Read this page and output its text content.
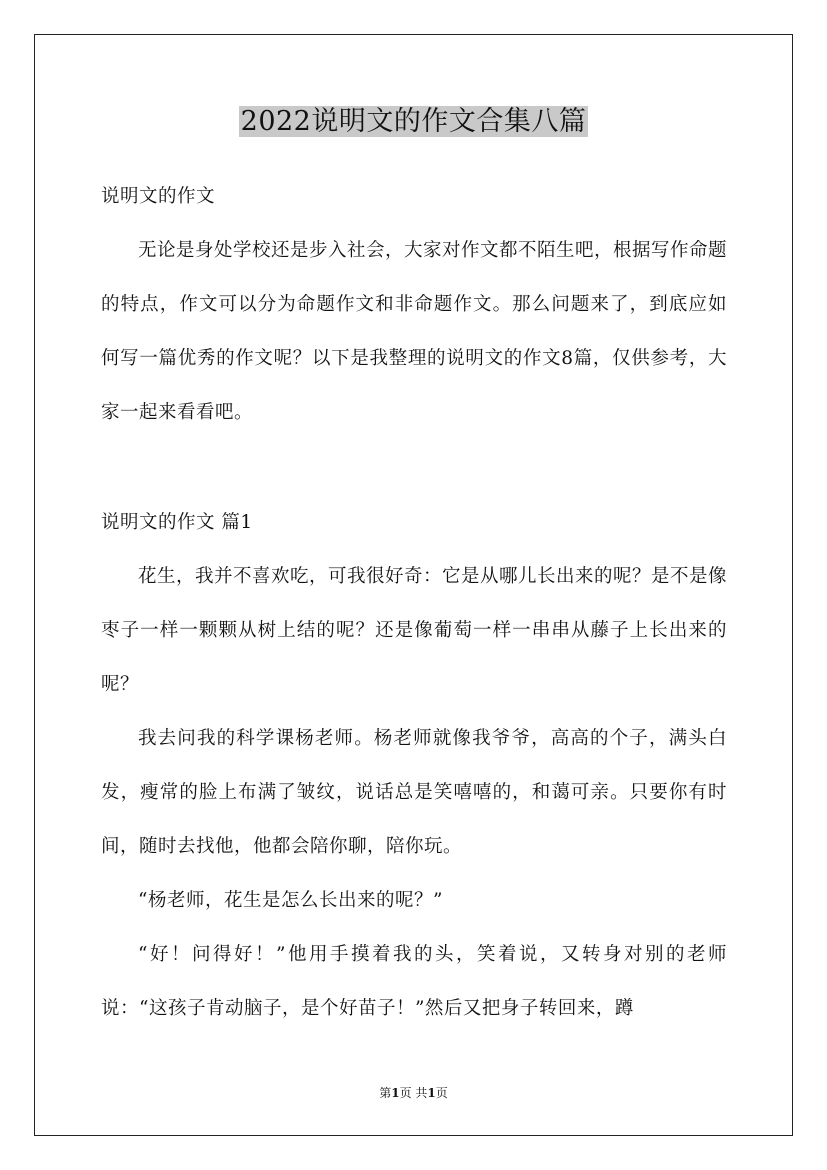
2022说明文的作文合集八篇

说明文的作文

无论是身处学校还是步入社会，大家对作文都不陌生吧，根据写作命题的特点，作文可以分为命题作文和非命题作文。那么问题来了，到底应如何写一篇优秀的作文呢？以下是我整理的说明文的作文8篇，仅供参考，大家一起来看看吧。

说明文的作文 篇1

花生，我并不喜欢吃，可我很好奇：它是从哪儿长出来的呢？是不是像枣子一样一颗颗从树上结的呢？还是像葡萄一样一串串从藤子上长出来的呢？

我去问我的科学课杨老师。杨老师就像我爷爷，高高的个子，满头白发，瘦常的脸上布满了皱纹，说话总是笑嘻嘻的，和蔼可亲。只要你有时间，随时去找他，他都会陪你聊，陪你玩。

“杨老师，花生是怎么长出来的呢？”

“好！问得好！”他用手摸着我的头，笑着说，又转身对别的老师说：“这孩子肯动脑子，是个好苗子！”然后又把身子转回来，蹲

第1页 共1页
